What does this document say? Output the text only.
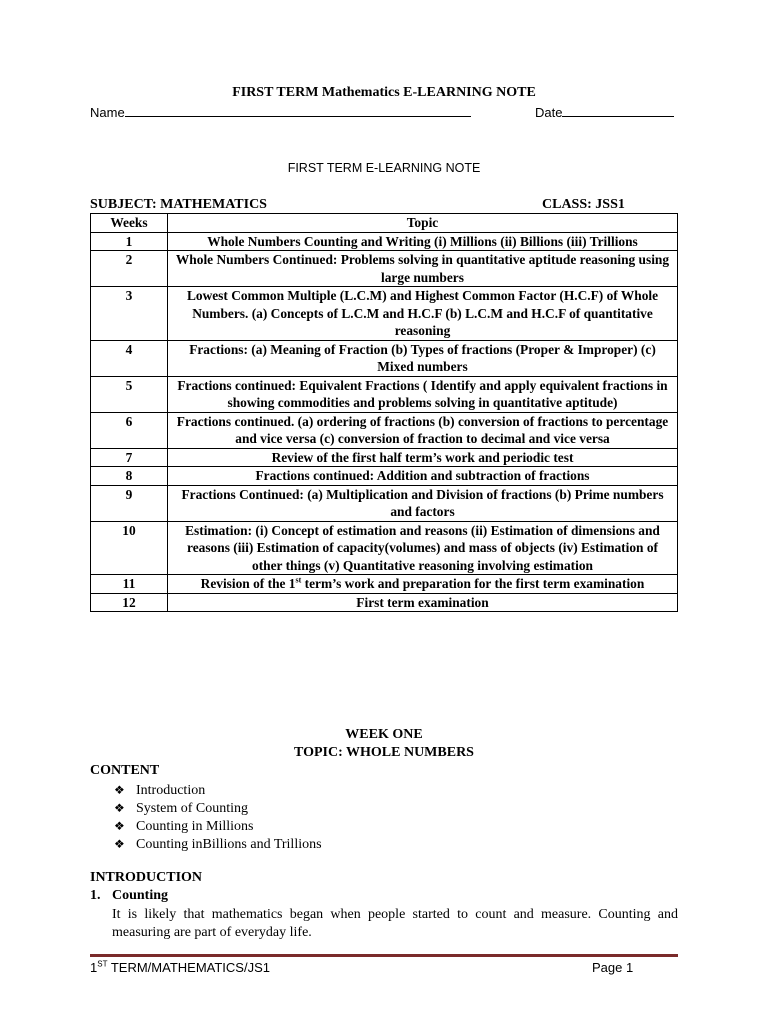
FIRST TERM Mathematics E-LEARNING NOTE
Name	Date
FIRST TERM E-LEARNING NOTE
SUBJECT: MATHEMATICS	CLASS: JSS1
Weeks	Topic
1	Whole Numbers Counting and Writing (i) Millions (ii) Billions (iii) Trillions
2	Whole Numbers Continued: Problems solving in quantitative aptitude reasoning using large numbers
3	Lowest Common Multiple (L.C.M) and Highest Common Factor (H.C.F) of Whole Numbers. (a) Concepts of L.C.M and H.C.F (b) L.C.M and H.C.F of quantitative reasoning
4	Fractions: (a) Meaning of Fraction (b) Types of fractions (Proper & Improper) (c) Mixed numbers
5	Fractions continued: Equivalent Fractions ( Identify and apply equivalent fractions in showing commodities and problems solving in quantitative aptitude)
6	Fractions continued. (a) ordering of fractions (b) conversion of fractions to percentage and vice versa (c) conversion of fraction to decimal and vice versa
7	Review of the first half term’s work and periodic test
8	Fractions continued: Addition and subtraction of fractions
9	Fractions Continued: (a) Multiplication and Division of fractions (b) Prime numbers and factors
10	Estimation: (i) Concept of estimation and reasons (ii) Estimation of dimensions and reasons (iii) Estimation of capacity(volumes) and mass of objects (iv) Estimation of other things (v) Quantitative reasoning involving estimation
11	Revision of the 1st term’s work and preparation for the first term examination
12	First term examination
WEEK ONE
TOPIC: WHOLE NUMBERS
CONTENT
❖ Introduction
❖ System of Counting
❖ Counting in Millions
❖ Counting inBillions and Trillions
INTRODUCTION
1. Counting
It is likely that mathematics began when people started to count and measure. Counting and measuring are part of everyday life.
1ST TERM/MATHEMATICS/JS1	Page 1
